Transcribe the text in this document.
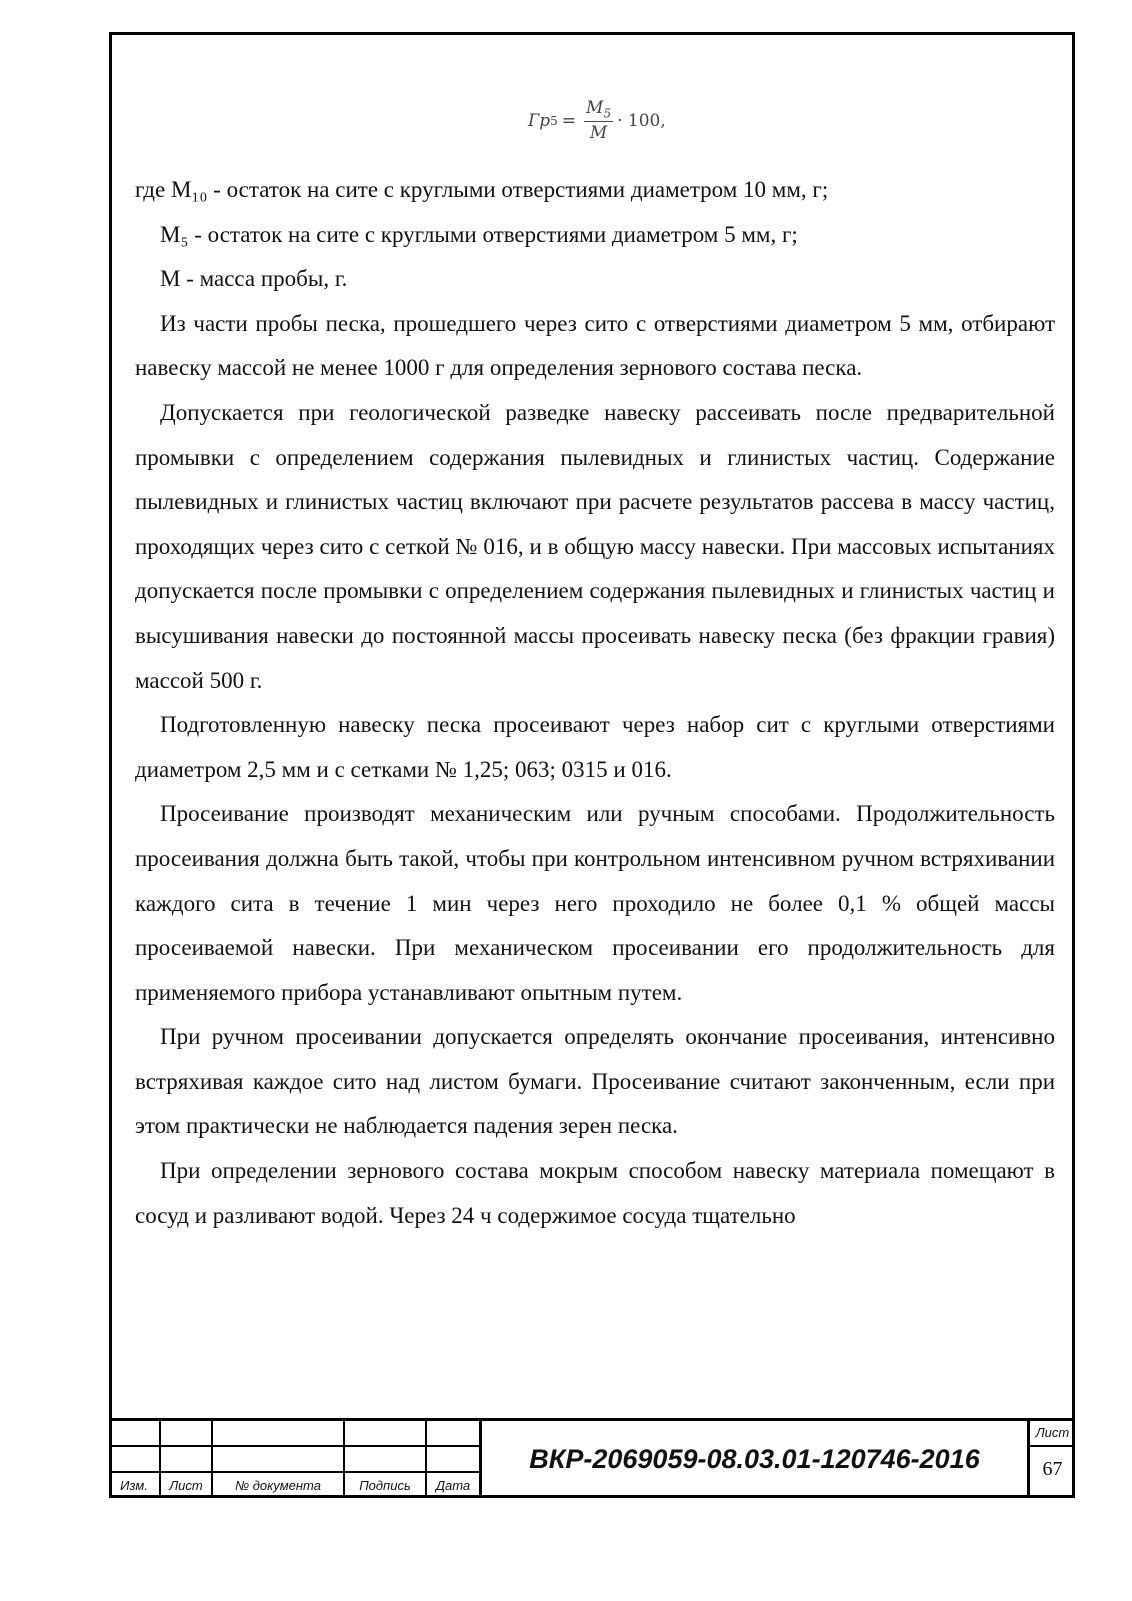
Гр $5 = \frac{M_5}{M} \cdot 100$,

где M₁₀ - остаток на сите с круглыми отверстиями диаметром 10 мм, г;

M₅ - остаток на сите с круглыми отверстиями диаметром 5 мм, г;

M - масса пробы, г.

Из части пробы песка, прошедшего через сито с отверстиями диаметром 5 мм, отбирают навеску массой не менее 1000 г для определения зернового состава песка.

Допускается при геологической разведке навеску рассеивать после предварительной промывки с определением содержания пылевидных и глинистых частиц. Содержание пылевидных и глинистых частиц включают при расчете результатов рассева в массу частиц, проходящих через сито с сеткой № 016, и в общую массу навески. При массовых испытаниях допускается после промывки с определением содержания пылевидных и глинистых частиц и высушивания навески до постоянной массы просеивать навеску песка (без фракции гравия) массой 500 г.

Подготовленную навеску песка просеивают через набор сит с круглыми отверстиями диаметром 2,5 мм и с сетками № 1,25; 063; 0315 и 016.

Просеивание производят механическим или ручным способами. Продолжительность просеивания должна быть такой, чтобы при контрольном интенсивном ручном встряхивании каждого сита в течение 1 мин через него проходило не более 0,1 % общей массы просеиваемой навески. При механическом просеивании его продолжительность для применяемого прибора устанавливают опытным путем.

При ручном просеивании допускается определять окончание просеивания, интенсивно встряхивая каждое сито над листом бумаги. Просеивание считают законченным, если при этом практически не наблюдается падения зерен песка.

При определении зернового состава мокрым способом навеску материала помещают в сосуд и разливают водой. Через 24 ч содержимое сосуда тщательно

Изм.	Лист	№ документа	Подпись	Дата
ВКР-2069059-08.03.01-120746-2016
Лист
67
